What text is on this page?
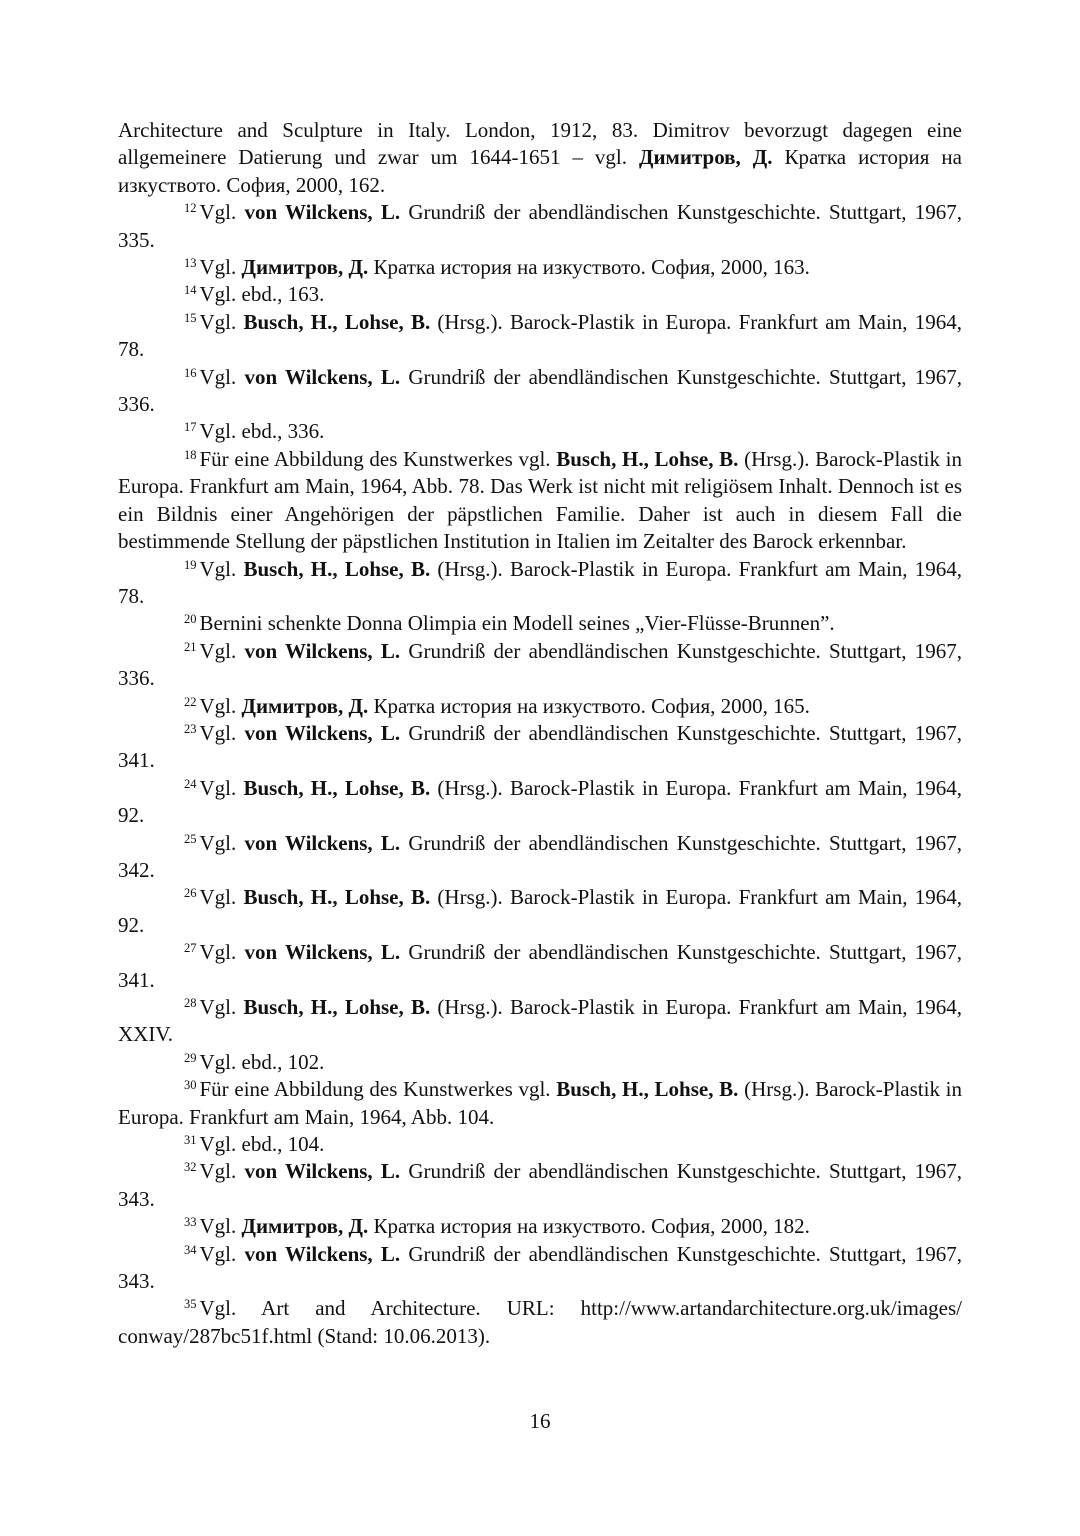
Architecture and Sculpture in Italy. London, 1912, 83. Dimitrov bevorzugt dagegen eine allgemeinere Datierung und zwar um 1644-1651 – vgl. Димитров, Д. Кратка история на изкуството. София, 2000, 162.

$^{12}$ Vgl. von Wilckens, L. Grundriß der abendländischen Kunstgeschichte. Stuttgart, 1967, 335.

$^{13}$ Vgl. Димитров, Д. Кратка история на изкуството. София, 2000, 163.

$^{14}$ Vgl. ebd., 163.

$^{15}$ Vgl. Busch, H., Lohse, B. (Hrsg.). Barock-Plastik in Europa. Frankfurt am Main, 1964, 78.

$^{16}$ Vgl. von Wilckens, L. Grundriß der abendländischen Kunstgeschichte. Stuttgart, 1967, 336.

$^{17}$ Vgl. ebd., 336.

$^{18}$ Für eine Abbildung des Kunstwerkes vgl. Busch, H., Lohse, B. (Hrsg.). Barock-Plastik in Europa. Frankfurt am Main, 1964, Abb. 78. Das Werk ist nicht mit religiösem Inhalt. Dennoch ist es ein Bildnis einer Angehörigen der päpstlichen Familie. Daher ist auch in diesem Fall die bestimmende Stellung der päpstlichen Institution in Italien im Zeitalter des Barock erkennbar.

$^{19}$ Vgl. Busch, H., Lohse, B. (Hrsg.). Barock-Plastik in Europa. Frankfurt am Main, 1964, 78.

$^{20}$ Bernini schenkte Donna Olimpia ein Modell seines „Vier-Flüsse-Brunnen”.

$^{21}$ Vgl. von Wilckens, L. Grundriß der abendländischen Kunstgeschichte. Stuttgart, 1967, 336.

$^{22}$ Vgl. Димитров, Д. Кратка история на изкуството. София, 2000, 165.

$^{23}$ Vgl. von Wilckens, L. Grundriß der abendländischen Kunstgeschichte. Stuttgart, 1967, 341.

$^{24}$ Vgl. Busch, H., Lohse, B. (Hrsg.). Barock-Plastik in Europa. Frankfurt am Main, 1964, 92.

$^{25}$ Vgl. von Wilckens, L. Grundriß der abendländischen Kunstgeschichte. Stuttgart, 1967, 342.

$^{26}$ Vgl. Busch, H., Lohse, B. (Hrsg.). Barock-Plastik in Europa. Frankfurt am Main, 1964, 92.

$^{27}$ Vgl. von Wilckens, L. Grundriß der abendländischen Kunstgeschichte. Stuttgart, 1967, 341.

$^{28}$ Vgl. Busch, H., Lohse, B. (Hrsg.). Barock-Plastik in Europa. Frankfurt am Main, 1964, XXIV.

$^{29}$ Vgl. ebd., 102.

$^{30}$ Für eine Abbildung des Kunstwerkes vgl. Busch, H., Lohse, B. (Hrsg.). Barock-Plastik in Europa. Frankfurt am Main, 1964, Abb. 104.

$^{31}$ Vgl. ebd., 104.

$^{32}$ Vgl. von Wilckens, L. Grundriß der abendländischen Kunstgeschichte. Stuttgart, 1967, 343.

$^{33}$ Vgl. Димитров, Д. Кратка история на изкуството. София, 2000, 182.

$^{34}$ Vgl. von Wilckens, L. Grundriß der abendländischen Kunstgeschichte. Stuttgart, 1967, 343.

$^{35}$ Vgl. Art and Architecture. URL: http://www.artandarchitecture.org.uk/images/ conway/287bc51f.html (Stand: 10.06.2013).

16
